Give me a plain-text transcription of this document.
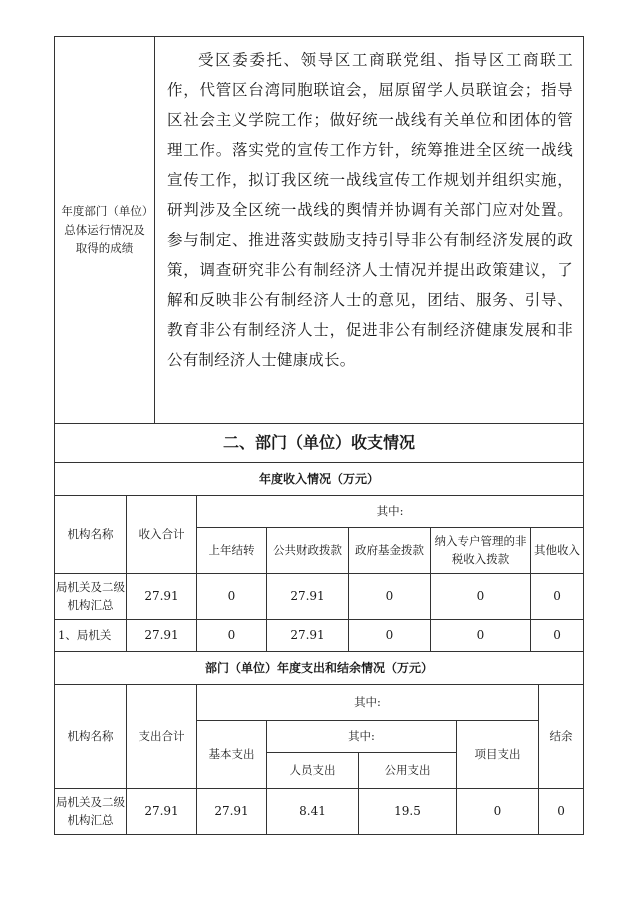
年度部门（单位）总体运行情况及取得的成绩	

受区委委托、领导区工商联党组、指导区工商联工作，代管区台湾同胞联谊会，屈原留学人员联谊会；指导区社会主义学院工作；做好统一战线有关单位和团体的管理工作。落实党的宣传工作方针，统筹推进全区统一战线宣传工作，拟订我区统一战线宣传工作规划并组织实施，研判涉及全区统一战线的舆情并协调有关部门应对处置。参与制定、推进落实鼓励支持引导非公有制经济发展的政策，调查研究非公有制经济人士情况并提出政策建议，了解和反映非公有制经济人士的意见，团结、服务、引导、教育非公有制经济人士，促进非公有制经济健康发展和非公有制经济人士健康成长。

二、部门（单位）收支情况						
年度收入情况（万元）						
机构名称	收入合计	其中:				
		上年结转	公共财政拨款	政府基金拨款	纳入专户管理的非税收入拨款	其他收入
局机关及二级机构汇总	27.91	0	27.91	0	0	0
1、局机关	27.91	0	27.91	0	0	0
部门（单位）年度支出和结余情况（万元）						
机构名称	支出合计	其中:				结余
		基本支出	其中:		项目支出	
			人员支出	公用支出		
局机关及二级机构汇总	27.91	27.91	8.41	19.5	0	0
